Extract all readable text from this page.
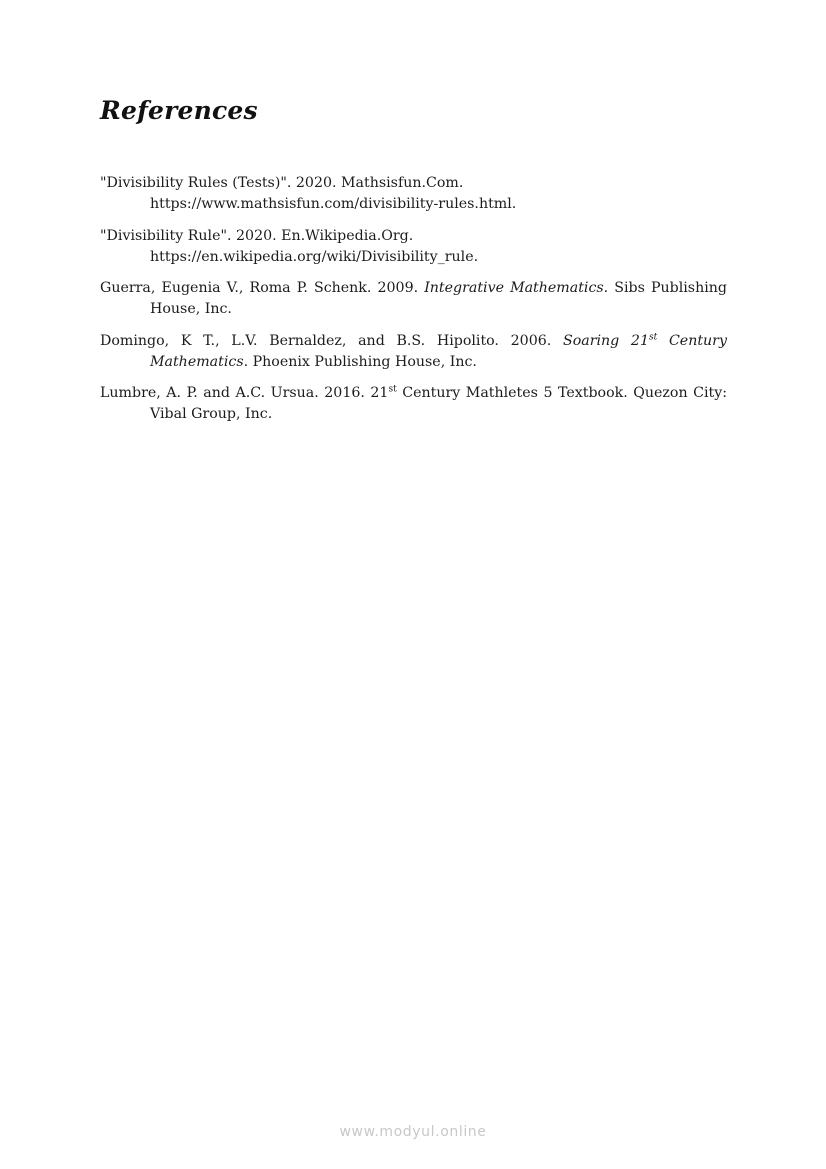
References
"Divisibility Rules (Tests)". 2020. Mathsisfun.Com.
https://www.mathsisfun.com/divisibility-rules.html.
"Divisibility Rule". 2020. En.Wikipedia.Org.
https://en.wikipedia.org/wiki/Divisibility_rule.
Guerra, Eugenia V., Roma P. Schenk. 2009. Integrative Mathematics. Sibs Publishing House, Inc.
Domingo, K T., L.V. Bernaldez, and B.S. Hipolito. 2006. Soaring 21st Century Mathematics. Phoenix Publishing House, Inc.
Lumbre, A. P. and A.C. Ursua. 2016. 21st Century Mathletes 5 Textbook. Quezon City: Vibal Group, Inc.
www.modyul.online
